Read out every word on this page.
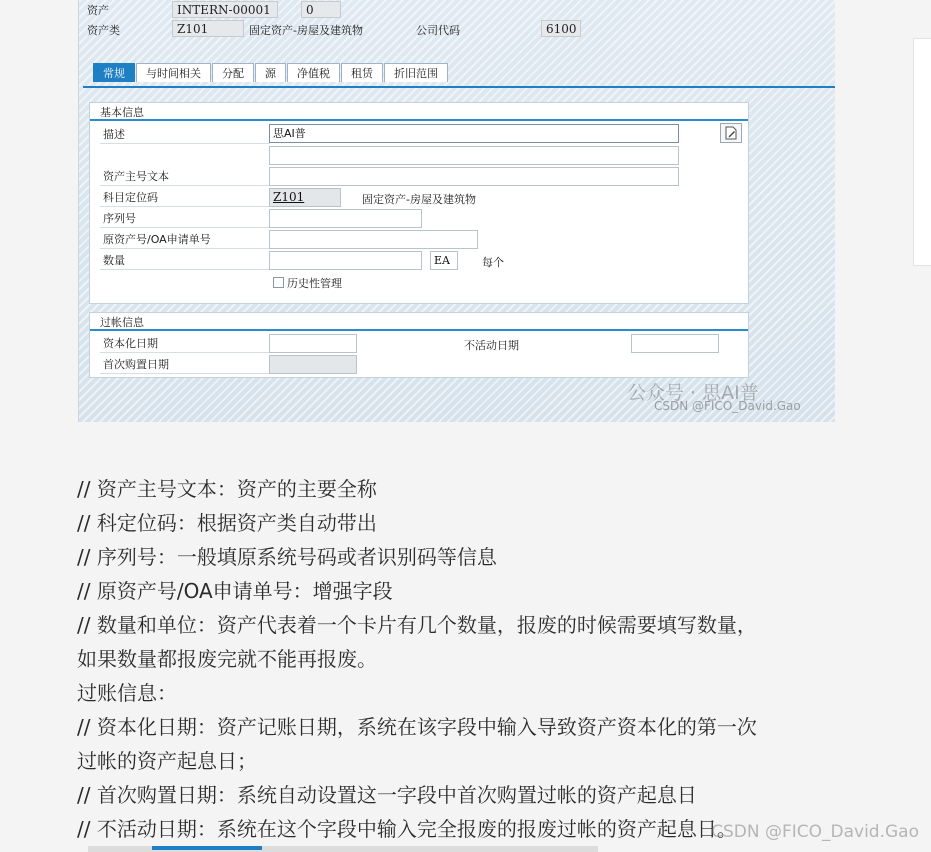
资产	INTERN-00001	0
资产类	Z101	固定资产-房屋及建筑物	公司代码	6100
常规	与时间相关	分配	源	净值税	租赁	折旧范围
基本信息
描述	思AI普
资产主号文本
科目定位码	Z101	固定资产-房屋及建筑物
序列号
原资产号/OA申请单号
数量	EA	每个
历史性管理
过帐信息
资本化日期	不活动日期
首次购置日期
公众号 · 思AI普
CSDN @FICO_David.Gao

// 资产主号文本：资产的主要全称

// 科定位码：根据资产类自动带出

// 序列号：一般填原系统号码或者识别码等信息

// 原资产号/OA申请单号：增强字段

// 数量和单位：资产代表着一个卡片有几个数量，报废的时候需要填写数量，

如果数量都报废完就不能再报废。

过账信息：

// 资本化日期：资产记账日期，系统在该字段中输入导致资产资本化的第一次

过帐的资产起息日；

// 首次购置日期：系统自动设置这一字段中首次购置过帐的资产起息日

// 不活动日期：系统在这个字段中输入完全报废的报废过帐的资产起息日。

CSDN @FICO_David.Gao
